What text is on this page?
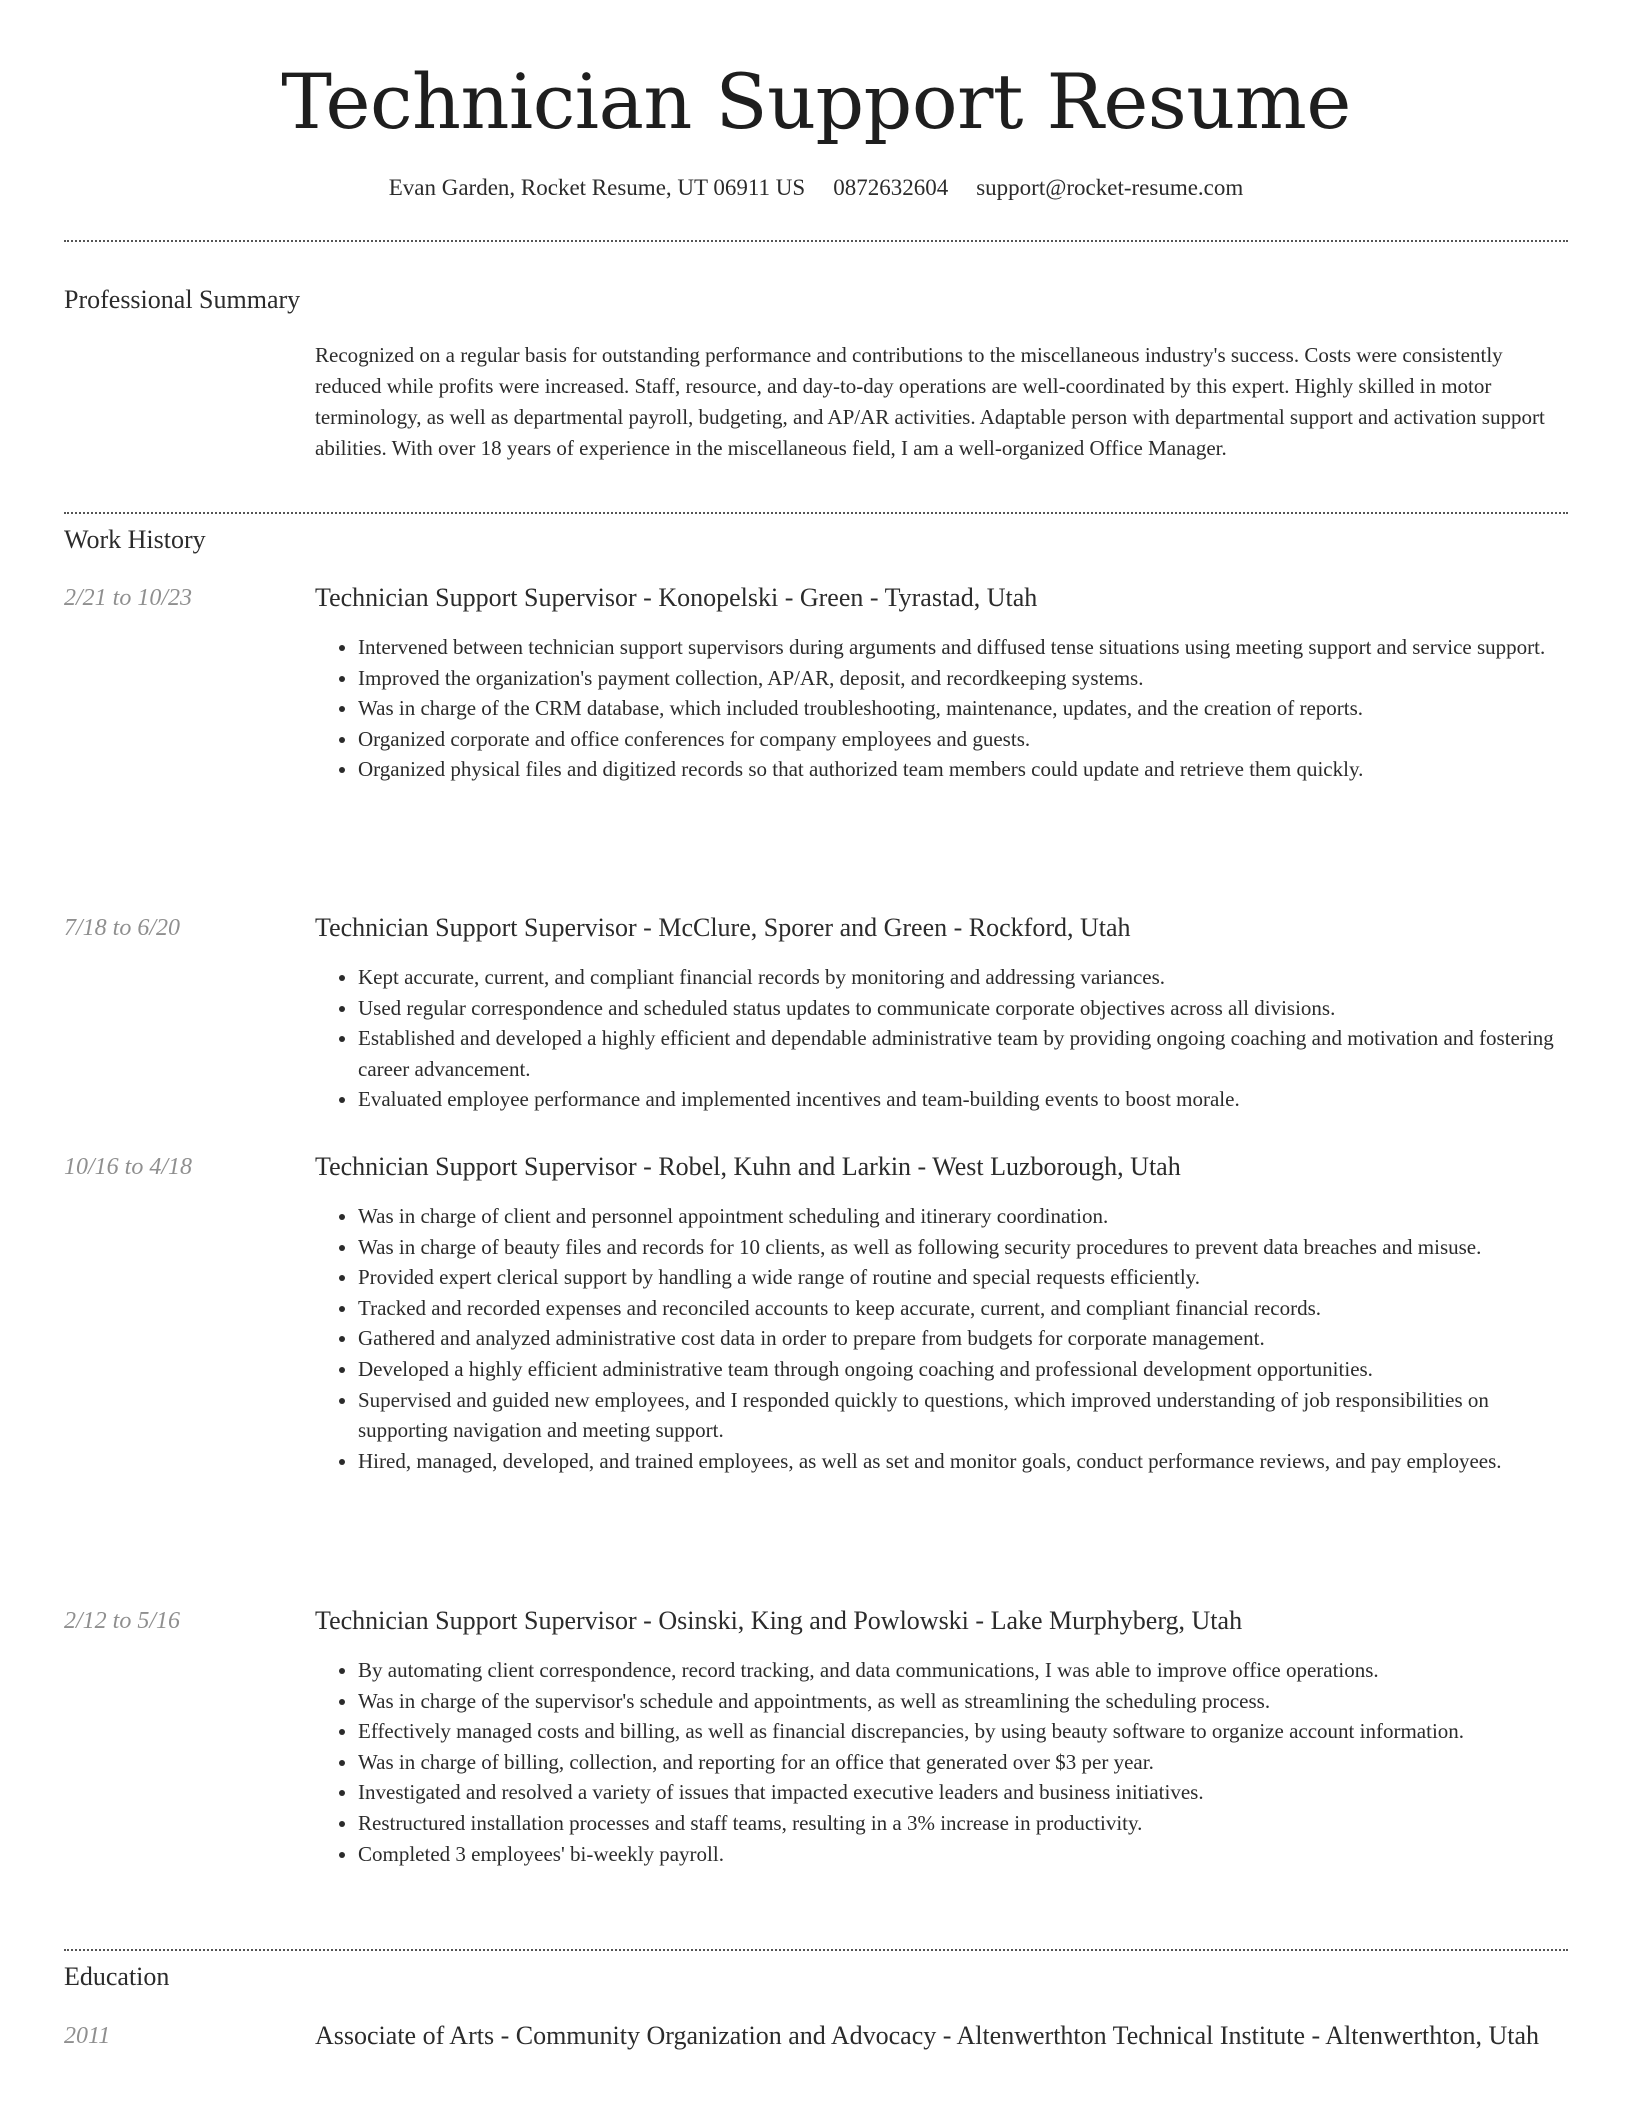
Technician Support Resume
Evan Garden, Rocket Resume, UT 06911 US 0872632604 support@rocket-resume.com
Professional Summary
Recognized on a regular basis for outstanding performance and contributions to the miscellaneous industry's success. Costs were consistently reduced while profits were increased. Staff, resource, and day-to-day operations are well-coordinated by this expert. Highly skilled in motor terminology, as well as departmental payroll, budgeting, and AP/AR activities. Adaptable person with departmental support and activation support abilities. With over 18 years of experience in the miscellaneous field, I am a well-organized Office Manager.
Work History
2/21 to 10/23	Technician Support Supervisor - Konopelski - Green - Tyrastad, Utah
• Intervened between technician support supervisors during arguments and diffused tense situations using meeting support and service support.
• Improved the organization's payment collection, AP/AR, deposit, and recordkeeping systems.
• Was in charge of the CRM database, which included troubleshooting, maintenance, updates, and the creation of reports.
• Organized corporate and office conferences for company employees and guests.
• Organized physical files and digitized records so that authorized team members could update and retrieve them quickly.
7/18 to 6/20	Technician Support Supervisor - McClure, Sporer and Green - Rockford, Utah
• Kept accurate, current, and compliant financial records by monitoring and addressing variances.
• Used regular correspondence and scheduled status updates to communicate corporate objectives across all divisions.
• Established and developed a highly efficient and dependable administrative team by providing ongoing coaching and motivation and fostering career advancement.
• Evaluated employee performance and implemented incentives and team-building events to boost morale.
10/16 to 4/18	Technician Support Supervisor - Robel, Kuhn and Larkin - West Luzborough, Utah
• Was in charge of client and personnel appointment scheduling and itinerary coordination.
• Was in charge of beauty files and records for 10 clients, as well as following security procedures to prevent data breaches and misuse.
• Provided expert clerical support by handling a wide range of routine and special requests efficiently.
• Tracked and recorded expenses and reconciled accounts to keep accurate, current, and compliant financial records.
• Gathered and analyzed administrative cost data in order to prepare from budgets for corporate management.
• Developed a highly efficient administrative team through ongoing coaching and professional development opportunities.
• Supervised and guided new employees, and I responded quickly to questions, which improved understanding of job responsibilities on supporting navigation and meeting support.
• Hired, managed, developed, and trained employees, as well as set and monitor goals, conduct performance reviews, and pay employees.
2/12 to 5/16	Technician Support Supervisor - Osinski, King and Powlowski - Lake Murphyberg, Utah
• By automating client correspondence, record tracking, and data communications, I was able to improve office operations.
• Was in charge of the supervisor's schedule and appointments, as well as streamlining the scheduling process.
• Effectively managed costs and billing, as well as financial discrepancies, by using beauty software to organize account information.
• Was in charge of billing, collection, and reporting for an office that generated over $3 per year.
• Investigated and resolved a variety of issues that impacted executive leaders and business initiatives.
• Restructured installation processes and staff teams, resulting in a 3% increase in productivity.
• Completed 3 employees' bi-weekly payroll.
Education
2011	Associate of Arts - Community Organization and Advocacy - Altenwerthton Technical Institute - Altenwerthton, Utah
